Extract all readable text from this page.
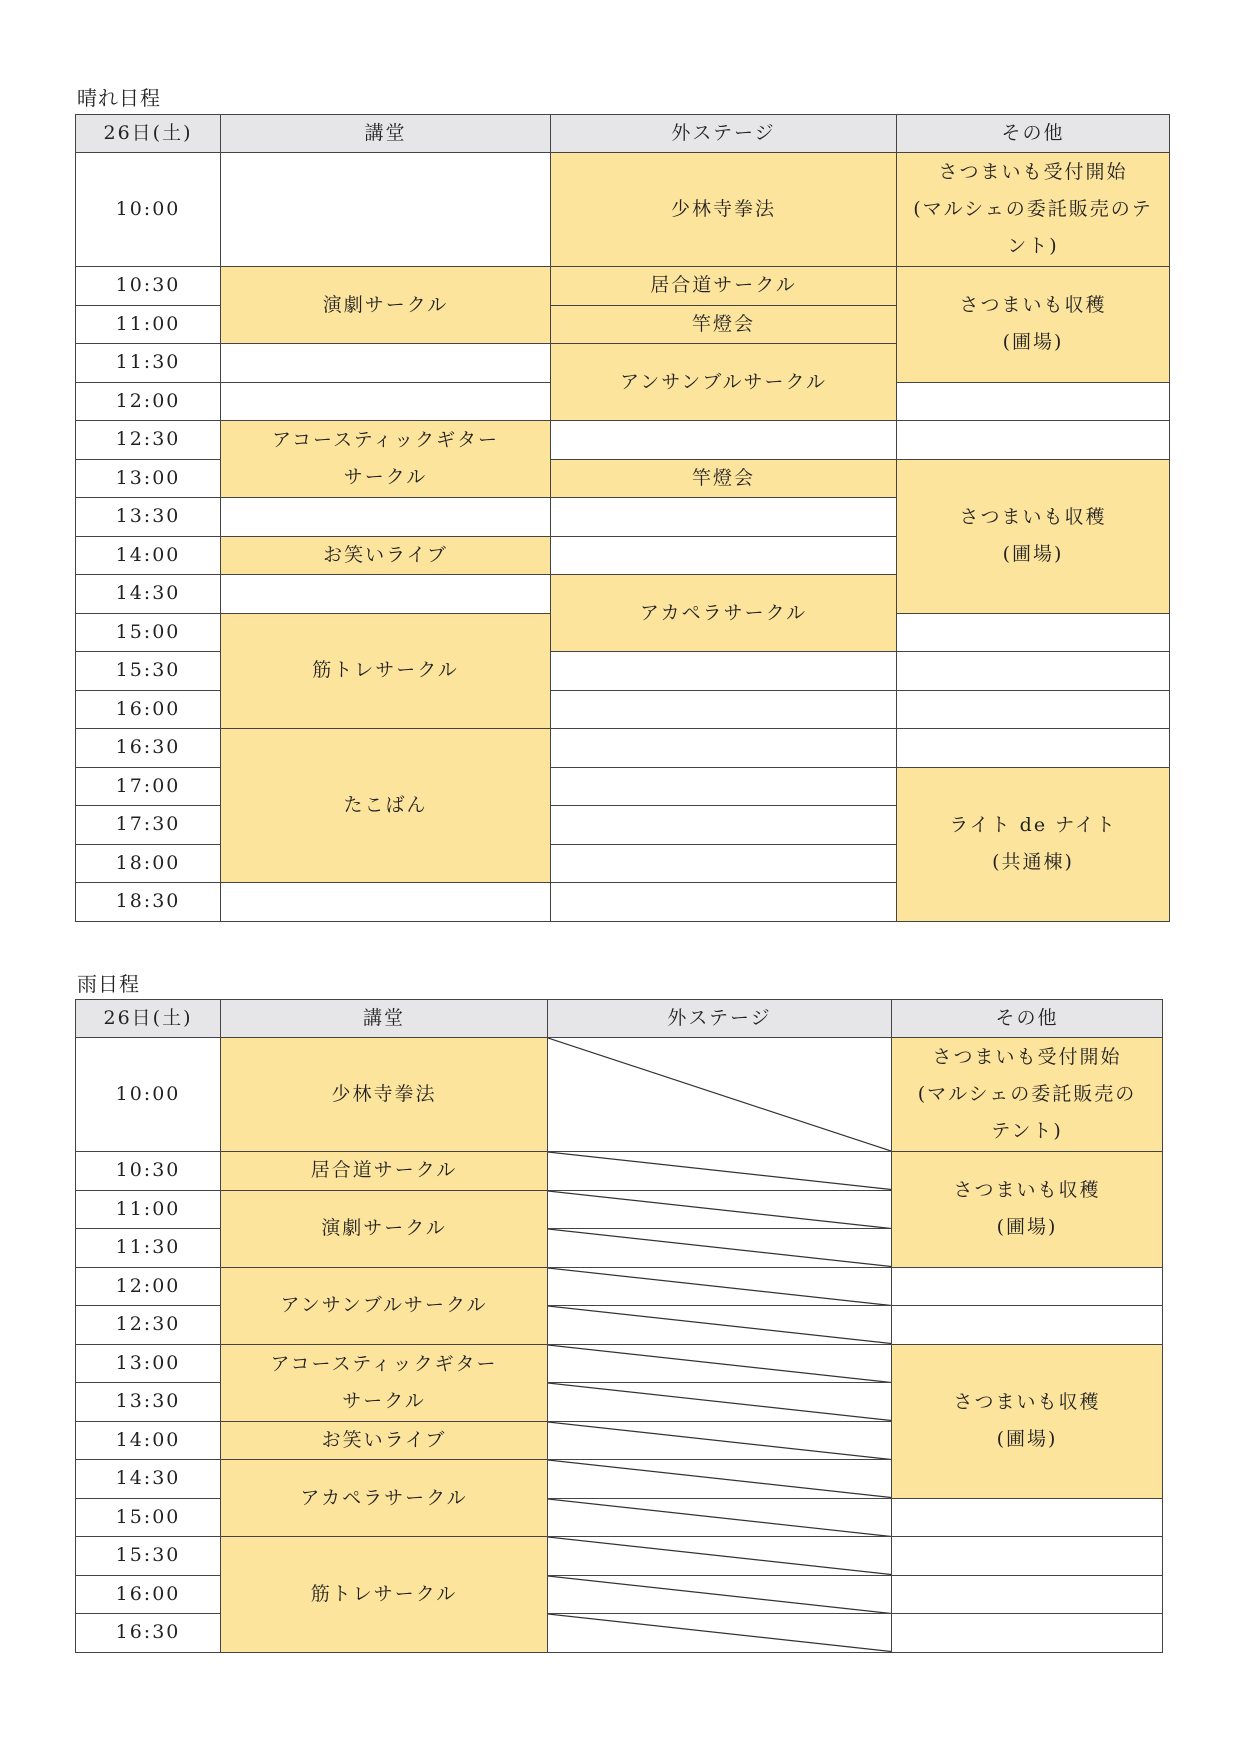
晴れ日程
26日(土)	講堂	外ステージ	その他
10:00		少林寺拳法	さつまいも受付開始
(マルシェの委託販売のテ
ント)

10:30	演劇サークル	居合道サークル	さつまいも収穫
(圃場)

11:00		竿燈会	
11:30		アンサンブルサークル	
12:00			
12:30	アコースティックギター
サークル		

13:00		竿燈会	さつまいも収穫
(圃場)

13:30			
14:00	お笑いライブ		
14:30		アカペラサークル	
15:00	筋トレサークル		
15:30			
16:00			
16:30	たこばん		
17:00			ライト de ナイト
(共通棟)

17:30			
18:00			
18:30			
雨日程
26日(土)	講堂	外ステージ	その他
10:00	少林寺拳法		さつまいも受付開始
(マルシェの委託販売の
テント)

10:30	居合道サークル		さつまいも収穫
(圃場)

11:00	演劇サークル	

11:30	

12:00	アンサンブルサークル	

12:30	

13:00	アコースティックギター
サークル		さつまいも収穫
(圃場)

13:30	

14:00	お笑いライブ	

14:30	アカペラサークル	

15:00	

15:30	筋トレサークル	

16:00	

16:30	
